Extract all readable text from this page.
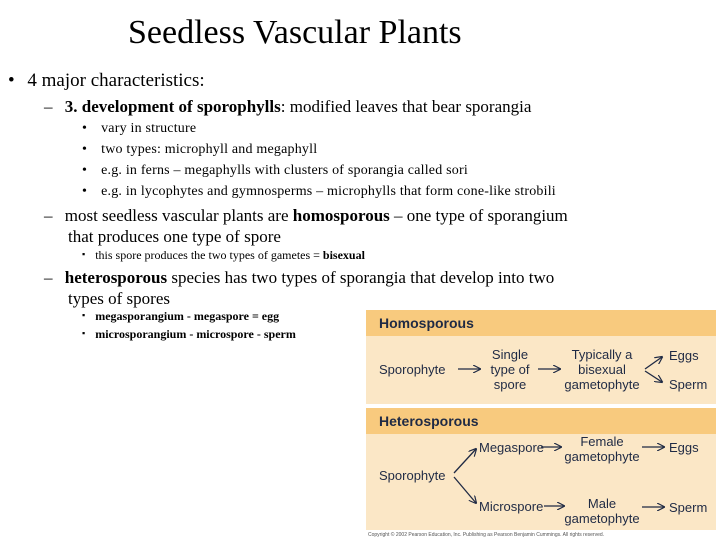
Seedless Vascular Plants
• 4 major characteristics:
– 3. development of sporophylls: modified leaves that bear sporangia
• vary in structure
• two types: microphyll and megaphyll
• e.g. in ferns – megaphylls with clusters of sporangia called sori
• e.g. in lycophytes and gymnosperms – microphylls that form cone-like strobili
– most seedless vascular plants are homosporous – one type of sporangium
that produces one type of spore
▪ this spore produces the two types of gametes = bisexual
– heterosporous species has two types of sporangia that develop into two
types of spores
▪ megasporangium - megaspore = egg
▪ microsporangium - microspore - sperm
Homosporous
Sporophyte
Single
type of
spore
Typically a
bisexual
gametophyte
Eggs
Sperm
Heterosporous
Sporophyte
Megaspore
Microspore
Female
gametophyte
Male
gametophyte
Eggs
Sperm
Copyright © 2002 Pearson Education, Inc. Publishing as Pearson Benjamin Cummings. All rights reserved.
